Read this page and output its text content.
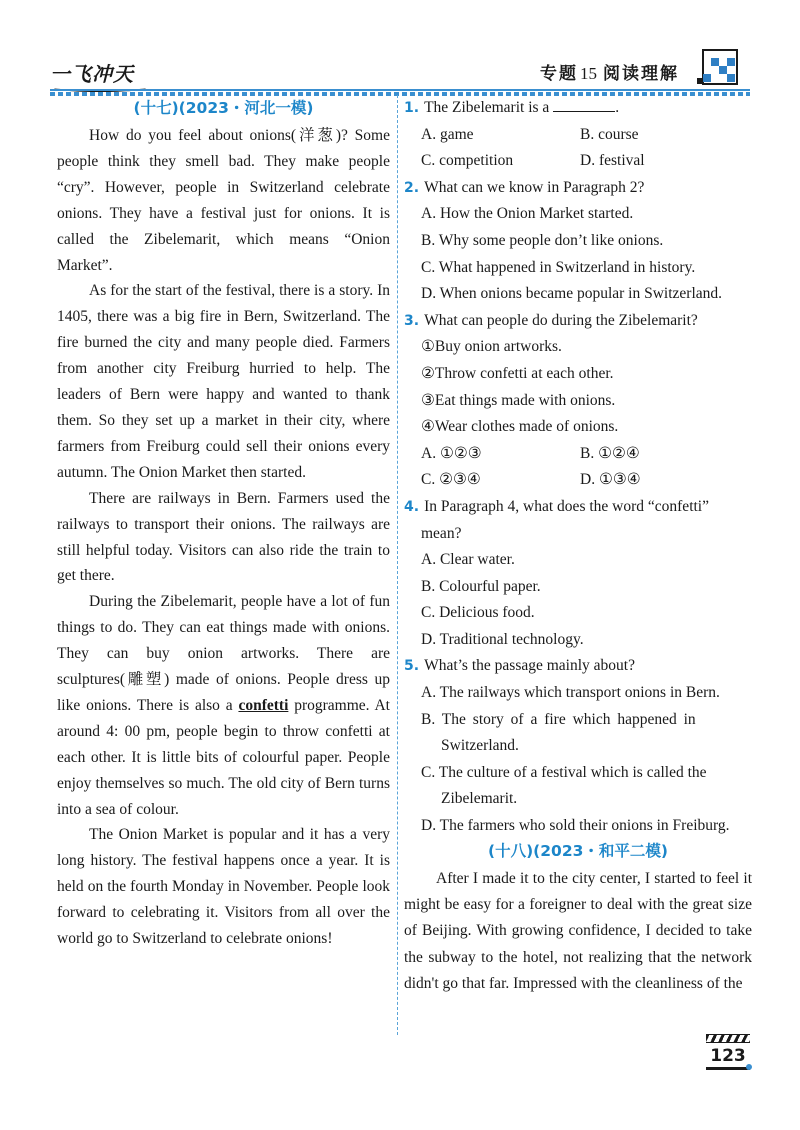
一飞冲天	专题 15 阅读理解
(十七)(2023・河北一模)

How do you feel about onions(洋葱)? Some people think they smell bad. They make people “cry”. However, people in Switzerland celebrate onions. They have a festival just for onions. It is called the Zibelemarit, which means “Onion Market”.

As for the start of the festival, there is a story. In 1405, there was a big fire in Bern, Switzerland. The fire burned the city and many people died. Farmers from another city Freiburg hurried to help. The leaders of Bern were happy and wanted to thank them. So they set up a market in their city, where farmers from Freiburg could sell their onions every autumn. The Onion Market then started.

There are railways in Bern. Farmers used the railways to transport their onions. The railways are still helpful today. Visitors can also ride the train to get there.

During the Zibelemarit, people have a lot of fun things to do. They can eat things made with onions. They can buy onion artworks. There are sculptures(雕塑) made of onions. People dress up like onions. There is also a confetti programme. At around 4: 00 pm, people begin to throw confetti at each other. It is little bits of colourful paper. People enjoy themselves so much. The old city of Bern turns into a sea of colour.

The Onion Market is popular and it has a very long history. The festival happens once a year. It is held on the fourth Monday in November. People look forward to celebrating it. Visitors from all over the world go to Switzerland to celebrate onions!

1. The Zibelemarit is a	.
A. game	B. course
C. competition	D. festival
2. What can we know in Paragraph 2?
A. How the Onion Market started.
B. Why some people don’t like onions.
C. What happened in Switzerland in history.
D. When onions became popular in Switzerland.
3. What can people do during the Zibelemarit?
①Buy onion artworks.
②Throw confetti at each other.
③Eat things made with onions.
④Wear clothes made of onions.
A. ①②③	B. ①②④
C. ②③④	D. ①③④
4. In Paragraph 4, what does the word “confetti” mean?
A. Clear water.
B. Colourful paper.
C. Delicious food.
D. Traditional technology.
5. What’s the passage mainly about?
A. The railways which transport onions in Bern.
B. The story of a fire which happened in
Switzerland.
C. The culture of a festival which is called the
Zibelemarit.
D. The farmers who sold their onions in Freiburg.
(十八)(2023・和平二模)

After I made it to the city center, I started to feel it might be easy for a foreigner to deal with the great size of Beijing. With growing confidence, I decided to take the subway to the hotel, not realizing that the network didn't go that far. Impressed with the cleanliness of the

123
